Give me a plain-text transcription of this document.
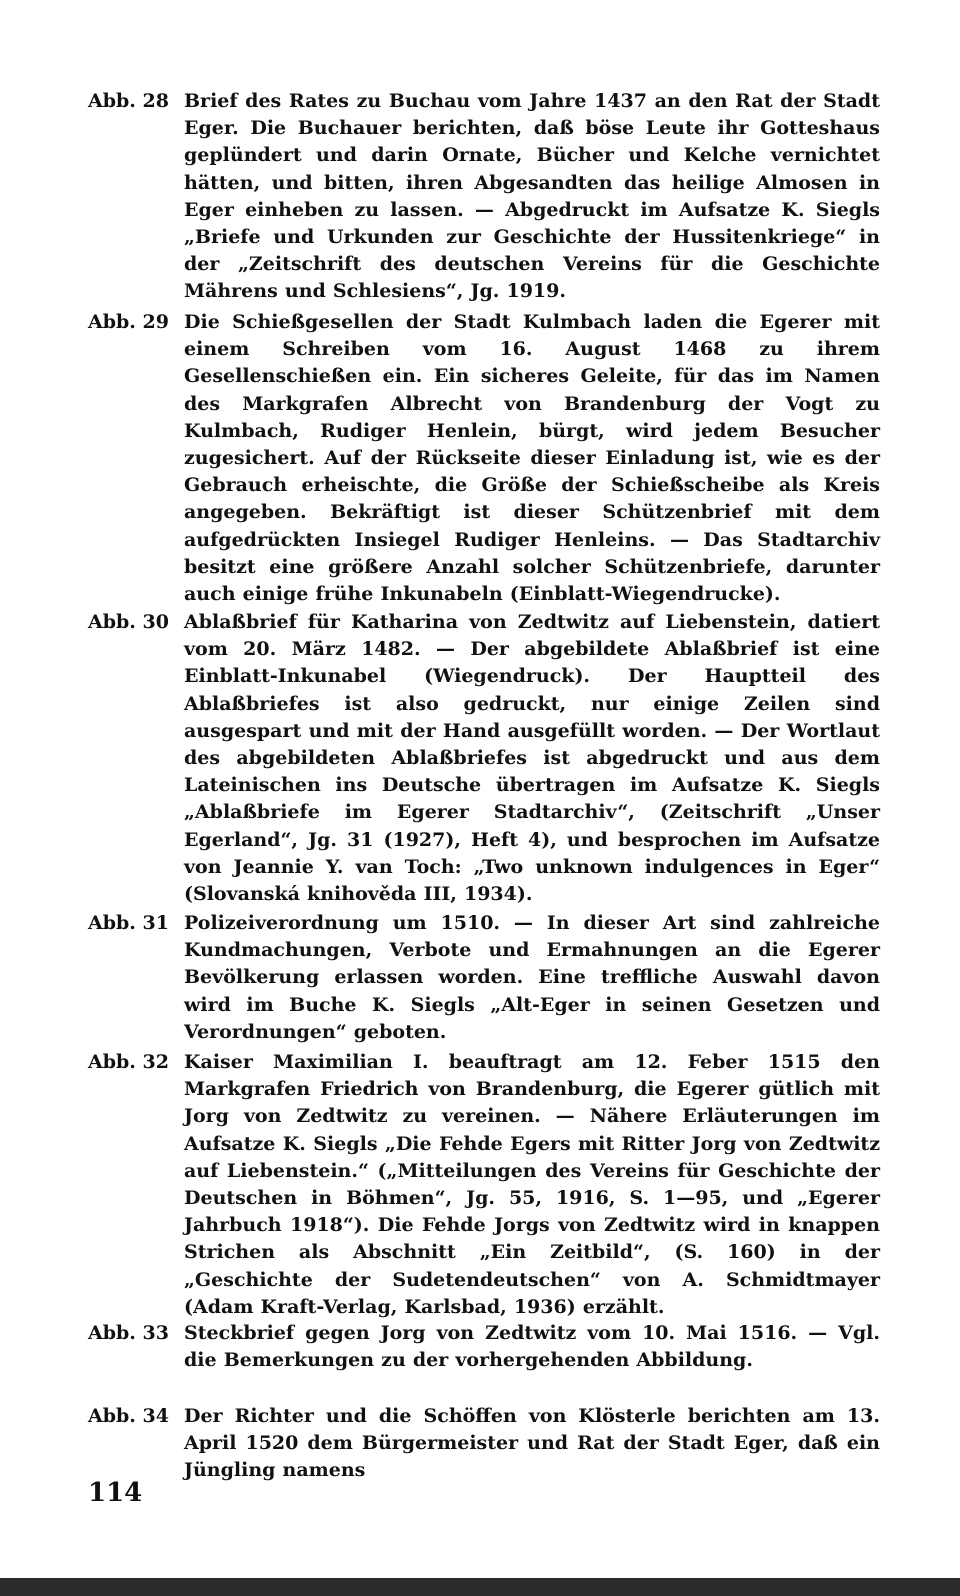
Abb. 28 Brief des Rates zu Buchau vom Jahre 1437 an den Rat der Stadt Eger. Die Buchauer berichten, daß böse Leute ihr Gotteshaus geplündert und darin Ornate, Bücher und Kelche vernichtet hätten, und bitten, ihren Abgesandten das heilige Almosen in Eger einheben zu lassen. — Abgedruckt im Aufsatze K. Siegls „Briefe und Urkunden zur Geschichte der Hussitenkriege“ in der „Zeitschrift des deutschen Vereins für die Geschichte Mährens und Schlesiens“, Jg. 1919.
Abb. 29 Die Schießgesellen der Stadt Kulmbach laden die Egerer mit einem Schreiben vom 16. August 1468 zu ihrem Gesellenschießen ein. Ein sicheres Geleite, für das im Namen des Markgrafen Albrecht von Brandenburg der Vogt zu Kulmbach, Rudiger Henlein, bürgt, wird jedem Besucher zugesichert. Auf der Rückseite dieser Einladung ist, wie es der Gebrauch erheischte, die Größe der Schießscheibe als Kreis angegeben. Bekräftigt ist dieser Schützenbrief mit dem aufgedrückten Insiegel Rudiger Henleins. — Das Stadtarchiv besitzt eine größere Anzahl solcher Schützenbriefe, darunter auch einige frühe Inkunabeln (Einblatt-Wiegendrucke).
Abb. 30 Ablaßbrief für Katharina von Zedtwitz auf Liebenstein, datiert vom 20. März 1482. — Der abgebildete Ablaßbrief ist eine Einblatt-Inkunabel (Wiegendruck). Der Hauptteil des Ablaßbriefes ist also gedruckt, nur einige Zeilen sind ausgespart und mit der Hand ausgefüllt worden. — Der Wortlaut des abgebildeten Ablaßbriefes ist abgedruckt und aus dem Lateinischen ins Deutsche übertragen im Aufsatze K. Siegls „Ablaßbriefe im Egerer Stadtarchiv“, (Zeitschrift „Unser Egerland“, Jg. 31 (1927), Heft 4), und besprochen im Aufsatze von Jeannie Y. van Toch: „Two unknown indulgences in Eger“ (Slovanská knihověda III, 1934).
Abb. 31 Polizeiverordnung um 1510. — In dieser Art sind zahlreiche Kundmachungen, Verbote und Ermahnungen an die Egerer Bevölkerung erlassen worden. Eine treffliche Auswahl davon wird im Buche K. Siegls „Alt-Eger in seinen Gesetzen und Verordnungen“ geboten.
Abb. 32 Kaiser Maximilian I. beauftragt am 12. Feber 1515 den Markgrafen Friedrich von Brandenburg, die Egerer gütlich mit Jorg von Zedtwitz zu vereinen. — Nähere Erläuterungen im Aufsatze K. Siegls „Die Fehde Egers mit Ritter Jorg von Zedtwitz auf Liebenstein.“ („Mitteilungen des Vereins für Geschichte der Deutschen in Böhmen“, Jg. 55, 1916, S. 1—95, und „Egerer Jahrbuch 1918“). Die Fehde Jorgs von Zedtwitz wird in knappen Strichen als Abschnitt „Ein Zeitbild“, (S. 160) in der „Geschichte der Sudetendeutschen“ von A. Schmidtmayer (Adam Kraft-Verlag, Karlsbad, 1936) erzählt.
Abb. 33 Steckbrief gegen Jorg von Zedtwitz vom 10. Mai 1516. — Vgl. die Bemerkungen zu der vorhergehenden Abbildung.
Abb. 34 Der Richter und die Schöffen von Klösterle berichten am 13. April 1520 dem Bürgermeister und Rat der Stadt Eger, daß ein Jüngling namens
114
